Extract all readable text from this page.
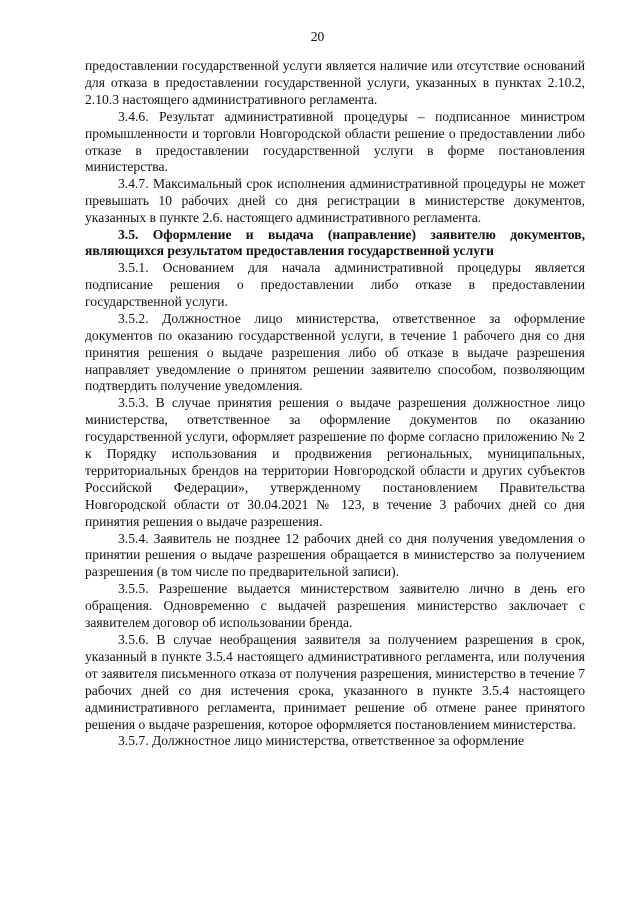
20

предоставлении государственной услуги является наличие или отсутствие оснований для отказа в предоставлении государственной услуги, указанных в пунктах 2.10.2, 2.10.3 настоящего административного регламента.

3.4.6. Результат административной процедуры – подписанное министром промышленности и торговли Новгородской области решение о предоставлении либо отказе в предоставлении государственной услуги в форме постановления министерства.

3.4.7. Максимальный срок исполнения административной процедуры не может превышать 10 рабочих дней со дня регистрации в министерстве документов, указанных в пункте 2.6. настоящего административного регламента.

3.5. Оформление и выдача (направление) заявителю документов, являющихся результатом предоставления государственной услуги

3.5.1. Основанием для начала административной процедуры является подписание решения о предоставлении либо отказе в предоставлении государственной услуги.

3.5.2. Должностное лицо министерства, ответственное за оформление документов по оказанию государственной услуги, в течение 1 рабочего дня со дня принятия решения о выдаче разрешения либо об отказе в выдаче разрешения направляет уведомление о принятом решении заявителю способом, позволяющим подтвердить получение уведомления.

3.5.3. В случае принятия решения о выдаче разрешения должностное лицо министерства, ответственное за оформление документов по оказанию государственной услуги, оформляет разрешение по форме согласно приложению № 2 к Порядку использования и продвижения региональных, муниципальных, территориальных брендов на территории Новгородской области и других субъектов Российской Федерации», утвержденному постановлением Правительства Новгородской области от 30.04.2021 № 123, в течение 3 рабочих дней со дня принятия решения о выдаче разрешения.

3.5.4. Заявитель не позднее 12 рабочих дней со дня получения уведомления о принятии решения о выдаче разрешения обращается в министерство за получением разрешения (в том числе по предварительной записи).

3.5.5. Разрешение выдается министерством заявителю лично в день его обращения. Одновременно с выдачей разрешения министерство заключает с заявителем договор об использовании бренда.

3.5.6. В случае необращения заявителя за получением разрешения в срок, указанный в пункте 3.5.4 настоящего административного регламента, или получения от заявителя письменного отказа от получения разрешения, министерство в течение 7 рабочих дней со дня истечения срока, указанного в пункте 3.5.4 настоящего административного регламента, принимает решение об отмене ранее принятого решения о выдаче разрешения, которое оформляется постановлением министерства.

3.5.7. Должностное лицо министерства, ответственное за оформление
